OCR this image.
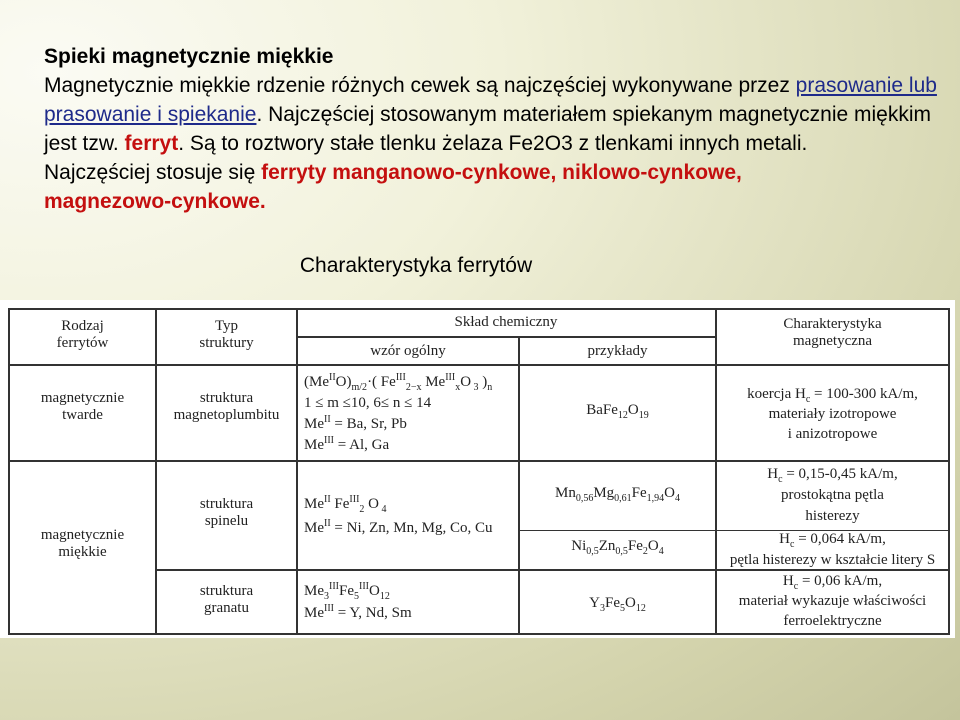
Spieki magnetycznie miękkie

Magnetycznie miękkie rdzenie różnych cewek są najczęściej wykonywane przez prasowanie lub prasowanie i spiekanie. Najczęściej stosowanym materiałem spiekanym magnetycznie miękkim jest tzw. ferryt. Są to roztwory stałe tlenku żelaza Fe2O3 z tlenkami innych metali.

Najczęściej stosuje się ferryty manganowo-cynkowe, niklowo-cynkowe,
magnezowo-cynkowe.

Charakterystyka ferrytów
Rodzaj
ferrytów
Typ
struktury
Skład chemiczny
wzór ogólny	przykłady
Charakterystyka
magnetyczna
magnetycznie
twarde
struktura
magnetoplumbitu
$(Me^{II}O)_{m/2}\cdot$( $Fe^{III}_{2-x}$ $Me^{III}_xO$ $_3$ )$_n$
1 ≤ m ≤10, 6≤ n ≤ 14
$Me^{II} = Ba$, Sr, Pb
$Me^{III} = Al$, Ga
$BaFe_{12}O_{19}$
koercja $H_c = 100-300$ kA/m,
materiały izotropowe
i anizotropowe
magnetycznie
miękkie
struktura
spinelu
$Me^{II}$ $Fe^{III}_2$ O $_4$
$Me^{II} = Ni$, Zn, Mn, Mg, Co, Cu
$Mn_{0,56}Mg_{0,61}Fe_{1,94}O_4$
$Ni_{0,5}Zn_{0,5}Fe_2O_4$
$H_c = 0,15-0,45$ kA/m,
prostokątna pętla
histerezy
$H_c = 0,064$ kA/m,
pętla histerezy w kształcie litery S
struktura
granatu
$Me_3^{III}Fe_5^{III}O_{12}$
$Me^{III} = Y$, Nd, Sm
$Y_3Fe_5O_{12}$
$H_c = 0,06$ kA/m,
materiał wykazuje właściwości
ferroelektryczne
